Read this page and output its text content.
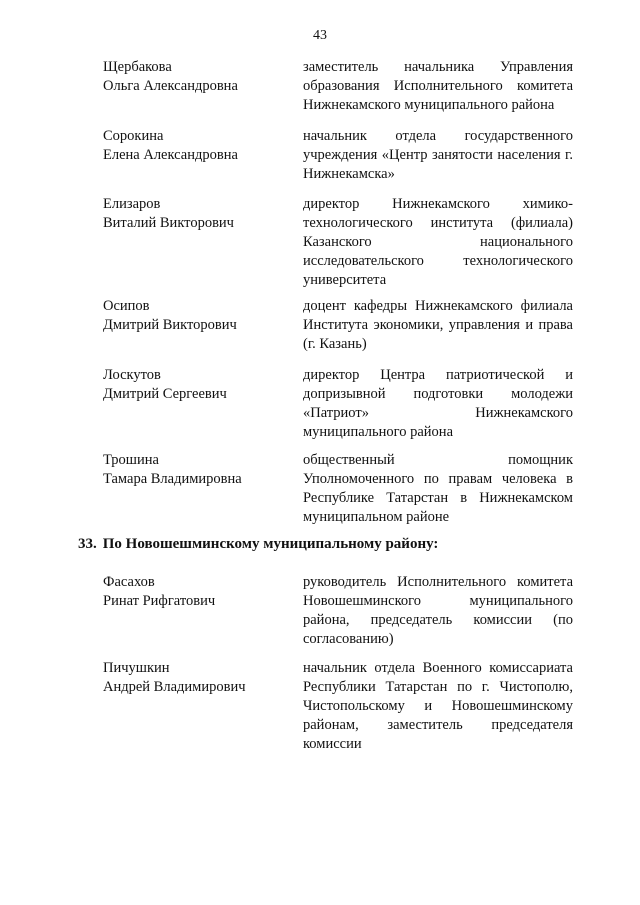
43
Щербакова
Ольга Александровна
заместитель начальника Управления образования Исполнительного комитета Нижнекамского муниципального района
Сорокина
Елена Александровна
начальник отдела государственного учреждения «Центр занятости населения г. Нижнекамска»
Елизаров
Виталий Викторович
директор Нижнекамского химико-технологического института (филиала) Казанского национального исследовательского технологического университета
Осипов
Дмитрий Викторович
доцент кафедры Нижнекамского филиала Института экономики, управления и права (г. Казань)
Лоскутов
Дмитрий Сергеевич
директор Центра патриотической и допризывной подготовки молодежи «Патриот» Нижнекамского муниципального района
Трошина
Тамара Владимировна
общественный помощник Уполномоченного по правам человека в Республике Татарстан в Нижнекамском муниципальном районе
33. По Новошешминскому муниципальному району:
Фасахов
Ринат Рифгатович
руководитель Исполнительного комитета Новошешминского муниципального района, председатель комиссии (по согласованию)
Пичушкин
Андрей Владимирович
начальник отдела Военного комиссариата Республики Татарстан по г. Чистополю, Чистопольскому и Новошешминскому районам, заместитель председателя комиссии
